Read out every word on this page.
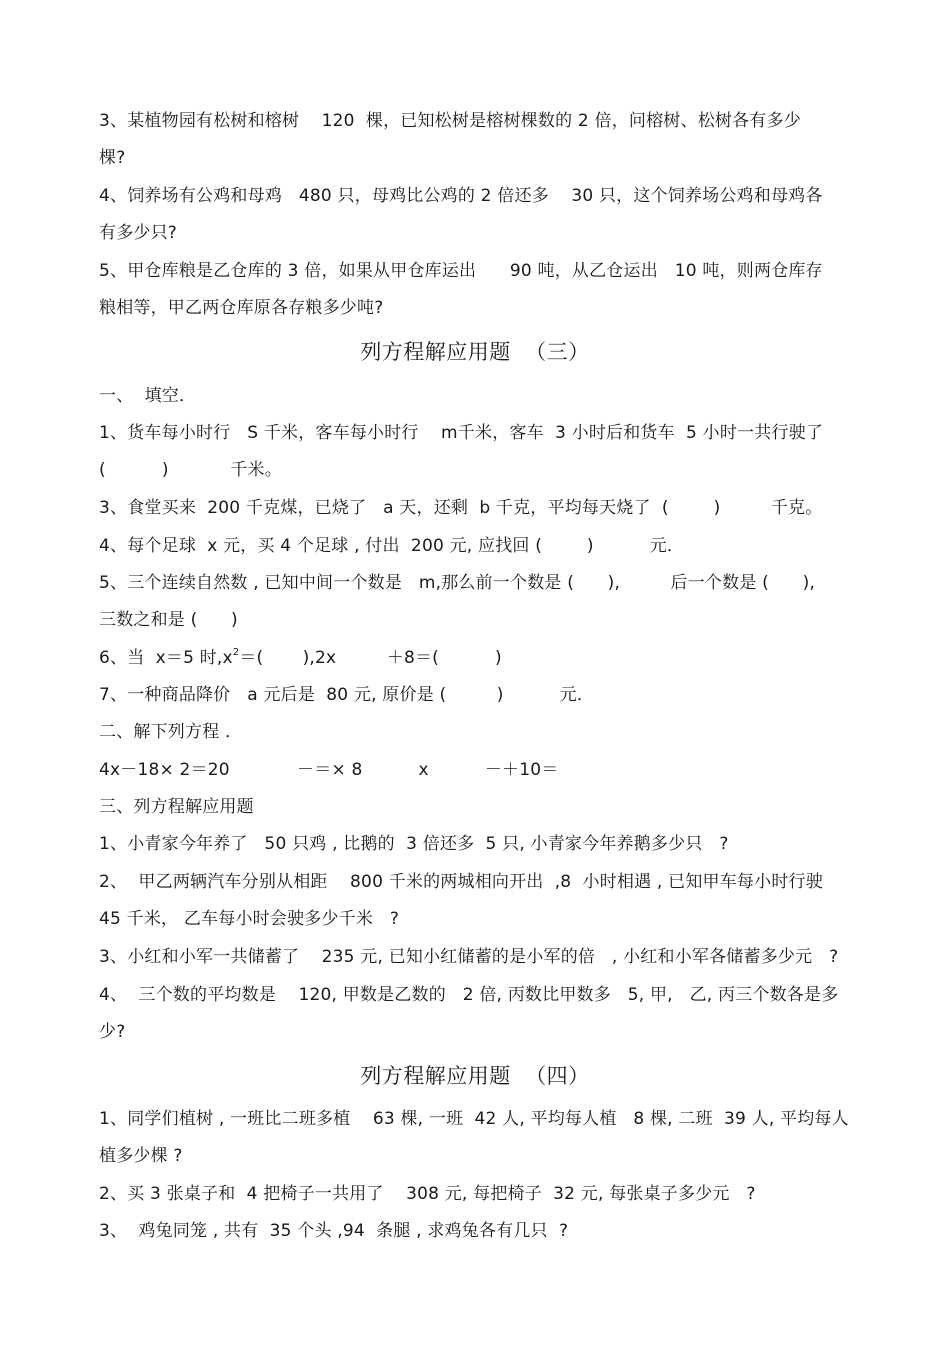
3、某植物园有松树和榕树    120  棵，已知松树是榕树棵数的 2 倍，问榕树、松树各有多少
棵?
4、饲养场有公鸡和母鸡   480 只，母鸡比公鸡的 2 倍还多    30 只，这个饲养场公鸡和母鸡各
有多少只?
5、甲仓库粮是乙仓库的 3 倍，如果从甲仓库运出      90 吨，从乙仓运出   10 吨，则两仓库存
粮相等，甲乙两仓库原各存粮多少吨?
列方程解应用题  （三）
一、  填空．
1、货车每小时行   S 千米，客车每小时行    m千米，客车  3 小时后和货车  5 小时一共行驶了
(          )           千米。
3、食堂买来  200 千克煤，已烧了   a 天，还剩  b 千克，平均每天烧了  (        )         千克。
4、每个足球  x 元，买 4 个足球 , 付出  200 元, 应找回 (        )          元．
5、三个连续自然数 , 已知中间一个数是   m,那么前一个数是 (      ),         后一个数是 (      ),
三数之和是 (      )
6、当  x＝5 时$,x^2=$(       ),2x         ＋8＝(          )
7、一种商品降价   a 元后是  80 元, 原价是 (         )          元．
二、解下列方程 ．
4x－18× 2＝20            －＝× 8          x          －＋10＝
三、列方程解应用题
1、小青家今年养了   50 只鸡 , 比鹅的  3 倍还多  5 只, 小青家今年养鹅多少只   ?
2、  甲乙两辆汽车分别从相距    800 千米的两城相向开出  ,8  小时相遇 , 已知甲车每小时行驶
45 千米， 乙车每小时会驶多少千米   ?
3、小红和小军一共储蓄了    235 元, 已知小红储蓄的是小军的倍   , 小红和小军各储蓄多少元   ?
4、  三个数的平均数是    120, 甲数是乙数的   2 倍, 丙数比甲数多   5, 甲,   乙, 丙三个数各是多
少?
列方程解应用题  （四）
1、同学们植树 , 一班比二班多植    63 棵, 一班  42 人, 平均每人植   8 棵, 二班  39 人, 平均每人
植多少棵 ?
2、买 3 张桌子和  4 把椅子一共用了    308 元, 每把椅子  32 元, 每张桌子多少元   ?
3、  鸡兔同笼 , 共有  35 个头 ,94  条腿 , 求鸡兔各有几只  ?
